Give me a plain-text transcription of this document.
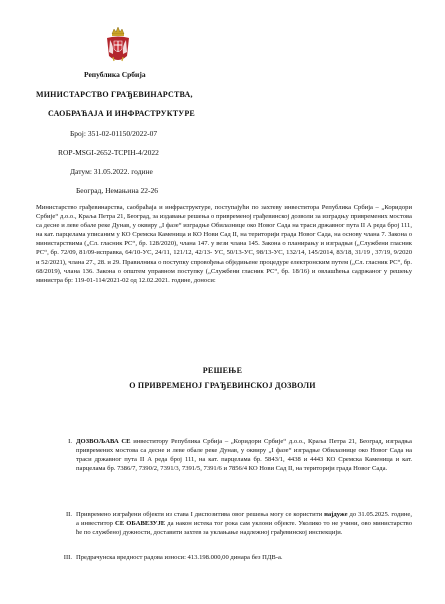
Република Србија
МИНИСТАРСТВО ГРАЂЕВИНАРСТВА,
САОБРАЋАЈА И ИНФРАСТРУКТУРЕ
Број: 351-02-01150/2022-07
ROP-MSGI-2652-TCPIH-4/2022
Датум: 31.05.2022. године
Београд, Немањина 22-26

Министарство грађевинарства, саобраћаја и инфраструктуре, поступајући по захтеву инвеститора Република Србија – „Коридори Србије“ д.о.о., Краља Петра 21, Београд, за издавање решења о привременој грађевинској дозволи за изградњу привремених мостова са десне и леве обале реке Дунав, у оквиру „I фазе“ изградње Обилазнице око Новог Сада на траси државног пута II А реда број 111, на кат. парцелама уписаним у КО Сремска Каменица и КО Нови Сад II, на територији града Новог Сада, на основу члана 7. Закона о министарствима („Сл. гласник РС“, бр. 128/2020), члана 147. у вези члана 145. Закона о планирању и изградњи („Службени гласник РС“, бр. 72/09, 81/09-исправка, 64/10-УС, 24/11, 121/12, 42/13- УС, 50/13-УС, 98/13-УС, 132/14, 145/2014, 83/18, 31/19 , 37/19, 9/2020 и 52/2021), члана 27., 28. и 29. Правилника о поступку спровођења обједињене процедуре електронским путем („Сл. гласник РС“, бр. 68/2019), члана 136. Закона о општем управном поступку („Службени гласник РС“, бр. 18/16) и овлашћења садржаног у решењу министра бр: 119-01-114/2021-02 од 12.02.2021. године, доноси:

РЕШЕЊЕ
О ПРИВРЕМЕНОЈ ГРАЂЕВИНСКОЈ ДОЗВОЛИ
I. ДОЗВОЉАВА СЕ инвеститору Република Србија – „Коридори Србије“ д.о.о., Краља Петра 21, Београд, изградња привремених мостова са десне и леве обале реке Дунав, у оквиру „I фазе“ изградње Обилазнице око Новог Сада на траси државног пута II А реда број 111, на кат. парцелама бр. 5843/1, 4438 и 4443 КО Сремска Каменица и кат. парцелама бр. 7386/7, 7390/2, 7391/3, 7391/5, 7391/6 и 7856/4 КО Нови Сад II, на територији града Новог Сада.
II. Привремено изграђени објекти из става I диспозитива овог решења могу се користити најдуже до 31.05.2025. године, а инвеститор СЕ ОБАВЕЗУЈЕ да након истека тог рока сам уклони објекте. Уколико то не учини, ово министарство ће по службеној дужности, доставити захтев за уклањање надлежној грађевинској инспекцији.
III. Предрачунска вредност радова износи: 413.198.000,00 динара без ПДВ-а.
